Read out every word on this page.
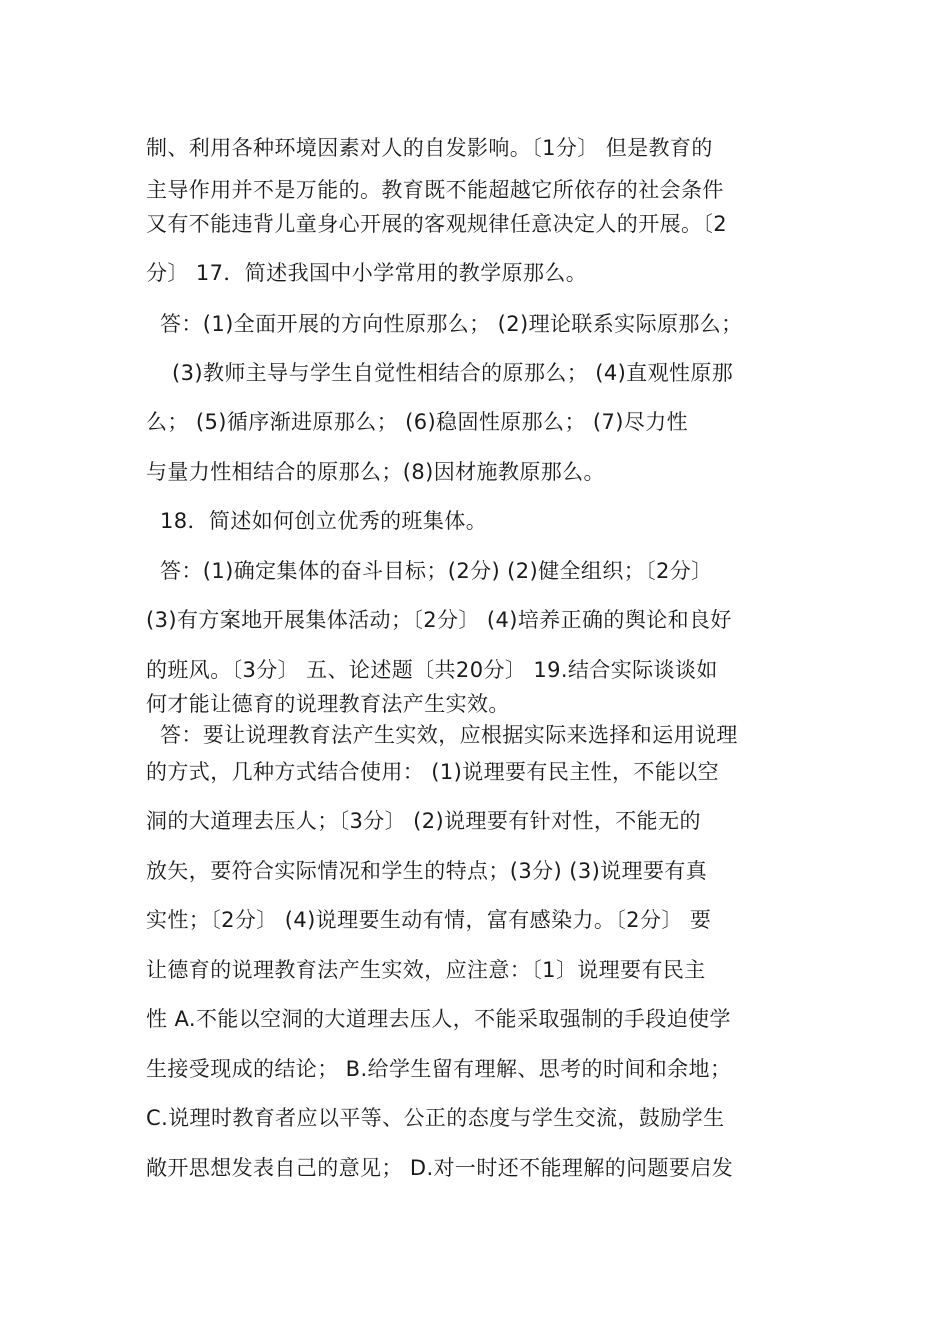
制、利用各种环境因素对人的自发影响。〔1分〕 但是教育的
主导作用并不是万能的。教育既不能超越它所依存的社会条件
又有不能违背儿童身心开展的客观规律任意决定人的开展。〔2
分〕 17．简述我国中小学常用的教学原那么。
答：(1)全面开展的方向性原那么； (2)理论联系实际原那么；
(3)教师主导与学生自觉性相结合的原那么； (4)直观性原那
么； (5)循序渐进原那么； (6)稳固性原那么； (7)尽力性
与量力性相结合的原那么；(8)因材施教原那么。
18．简述如何创立优秀的班集体。
答：(1)确定集体的奋斗目标；(2分) (2)健全组织；〔2分〕
(3)有方案地开展集体活动；〔2分〕 (4)培养正确的舆论和良好
的班风。〔3分〕 五、论述题〔共20分〕 19.结合实际谈谈如
何才能让德育的说理教育法产生实效。
答：要让说理教育法产生实效，应根据实际来选择和运用说理
的方式，几种方式结合使用： (1)说理要有民主性，不能以空
洞的大道理去压人；〔3分〕 (2)说理要有针对性，不能无的
放矢，要符合实际情况和学生的特点；(3分) (3)说理要有真
实性；〔2分〕 (4)说理要生动有情，富有感染力。〔2分〕 要
让德育的说理教育法产生实效，应注意：〔1〕说理要有民主
性 A.不能以空洞的大道理去压人，不能采取强制的手段迫使学
生接受现成的结论； B.给学生留有理解、思考的时间和余地；
C.说理时教育者应以平等、公正的态度与学生交流，鼓励学生
敞开思想发表自己的意见； D.对一时还不能理解的问题要启发
